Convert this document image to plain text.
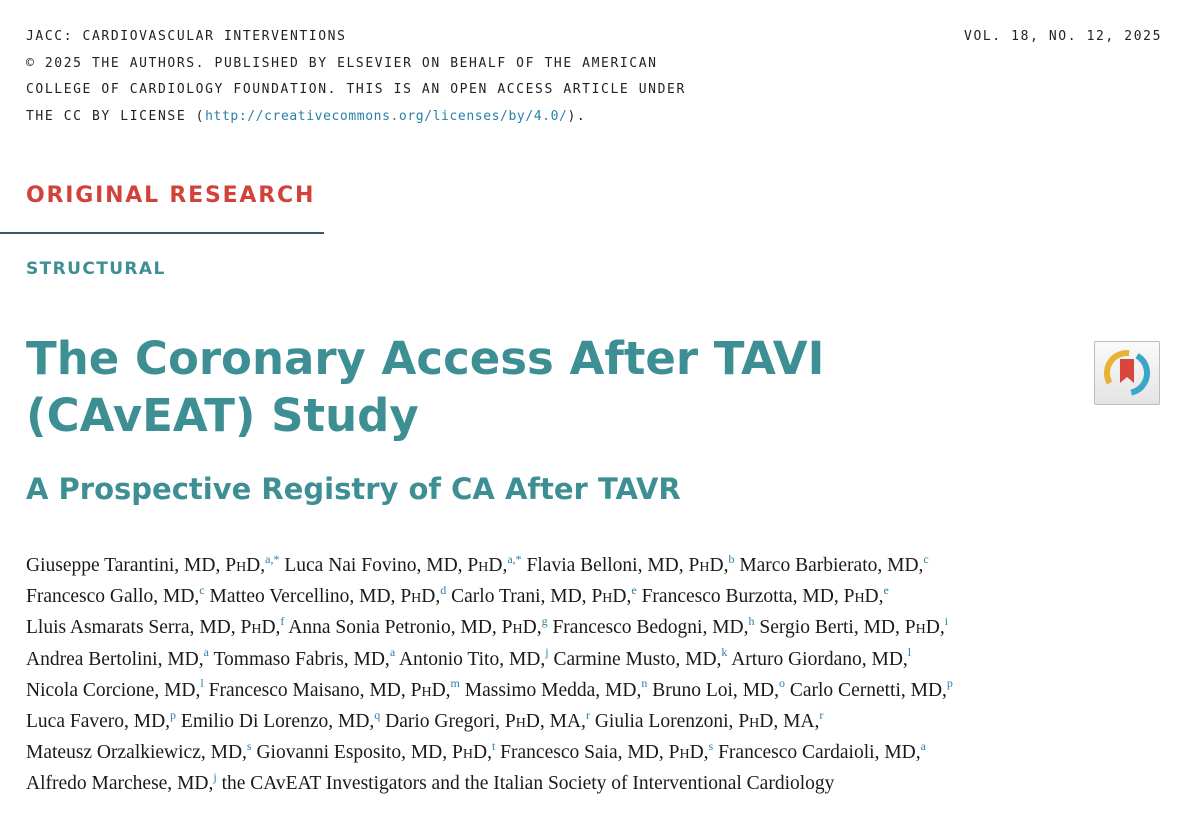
JACC: CARDIOVASCULAR INTERVENTIONS
© 2025 THE AUTHORS. PUBLISHED BY ELSEVIER ON BEHALF OF THE AMERICAN
COLLEGE OF CARDIOLOGY FOUNDATION. THIS IS AN OPEN ACCESS ARTICLE UNDER
THE CC BY LICENSE (http://creativecommons.org/licenses/by/4.0/).
VOL. 18, NO. 12, 2025
ORIGINAL RESEARCH
STRUCTURAL
The Coronary Access After TAVI
(CAvEAT) Study
A Prospective Registry of CA After TAVR
Giuseppe Tarantini, MD, PhD,$^{a,*}$ Luca Nai Fovino, MD, PhD,$^{a,*}$ Flavia Belloni, MD, PhD,$^b$ Marco Barbierato, MD,$^c$
Francesco Gallo, MD,$^c$ Matteo Vercellino, MD, PhD,$^d$ Carlo Trani, MD, PhD,$^e$ Francesco Burzotta, MD, PhD,$^e$
Lluis Asmarats Serra, MD, PhD,$^f$ Anna Sonia Petronio, MD, PhD,$^g$ Francesco Bedogni, MD,$^h$ Sergio Berti, MD, PhD,$^i$
Andrea Bertolini, MD,$^a$ Tommaso Fabris, MD,$^a$ Antonio Tito, MD,$^j$ Carmine Musto, MD,$^k$ Arturo Giordano, MD,$^l$
Nicola Corcione, MD,$^l$ Francesco Maisano, MD, PhD,$^m$ Massimo Medda, MD,$^n$ Bruno Loi, MD,$^o$ Carlo Cernetti, MD,$^p$
Luca Favero, MD,$^p$ Emilio Di Lorenzo, MD,$^q$ Dario Gregori, PhD, MA,$^r$ Giulia Lorenzoni, PhD, MA,$^r$
Mateusz Orzalkiewicz, MD,$^s$ Giovanni Esposito, MD, PhD,$^t$ Francesco Saia, MD, PhD,$^s$ Francesco Cardaioli, MD,$^a$
Alfredo Marchese, MD,$^j$ the CAvEAT Investigators and the Italian Society of Interventional Cardiology
